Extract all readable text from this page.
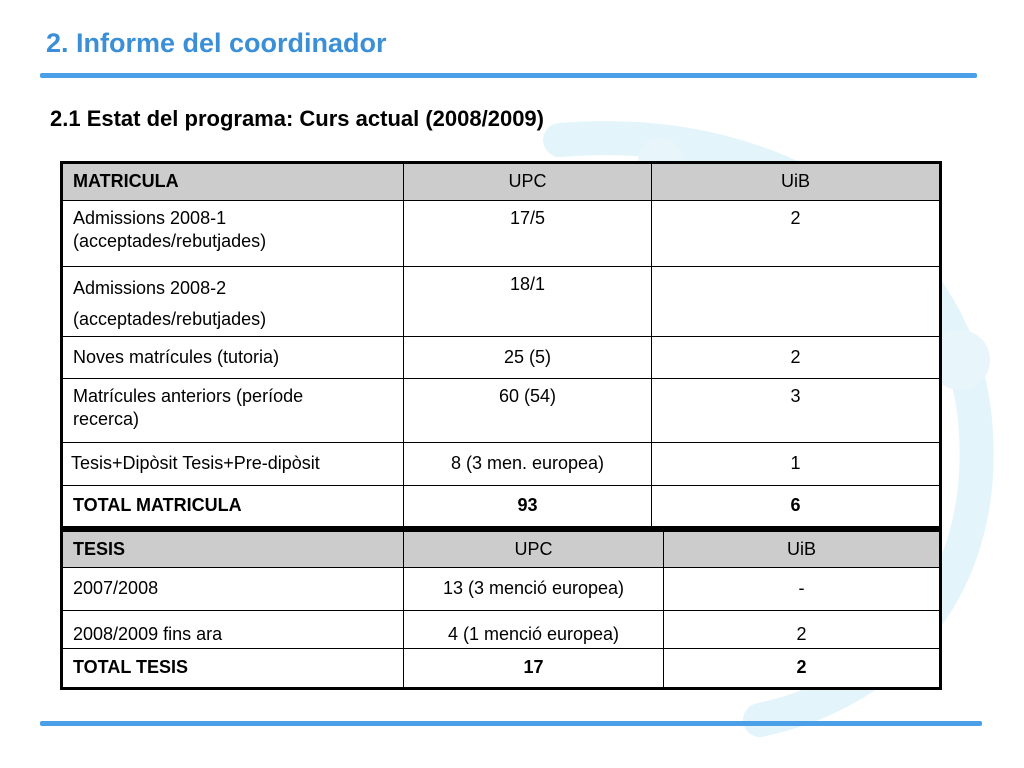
2. Informe del coordinador
2.1 Estat del programa: Curs actual (2008/2009)
MATRICULA	UPC	UiB

Admissions 2008-1
(acceptades/rebutjades)	17/5	2

Admissions 2008-2
(acceptades/rebutjades)	18/1	

Noves matrícules (tutoria)	25 (5)	2

Matrícules anteriors (període
recerca)	60 (54)	3

Tesis+Dipòsit Tesis+Pre-dipòsit	8 (3 men. europea)	1
TOTAL MATRICULA	93	6
TESIS	UPC	UiB
2007/2008	13 (3 menció europea)	-
2008/2009 fins ara	4 (1 menció europea)	2
TOTAL TESIS	17	2
